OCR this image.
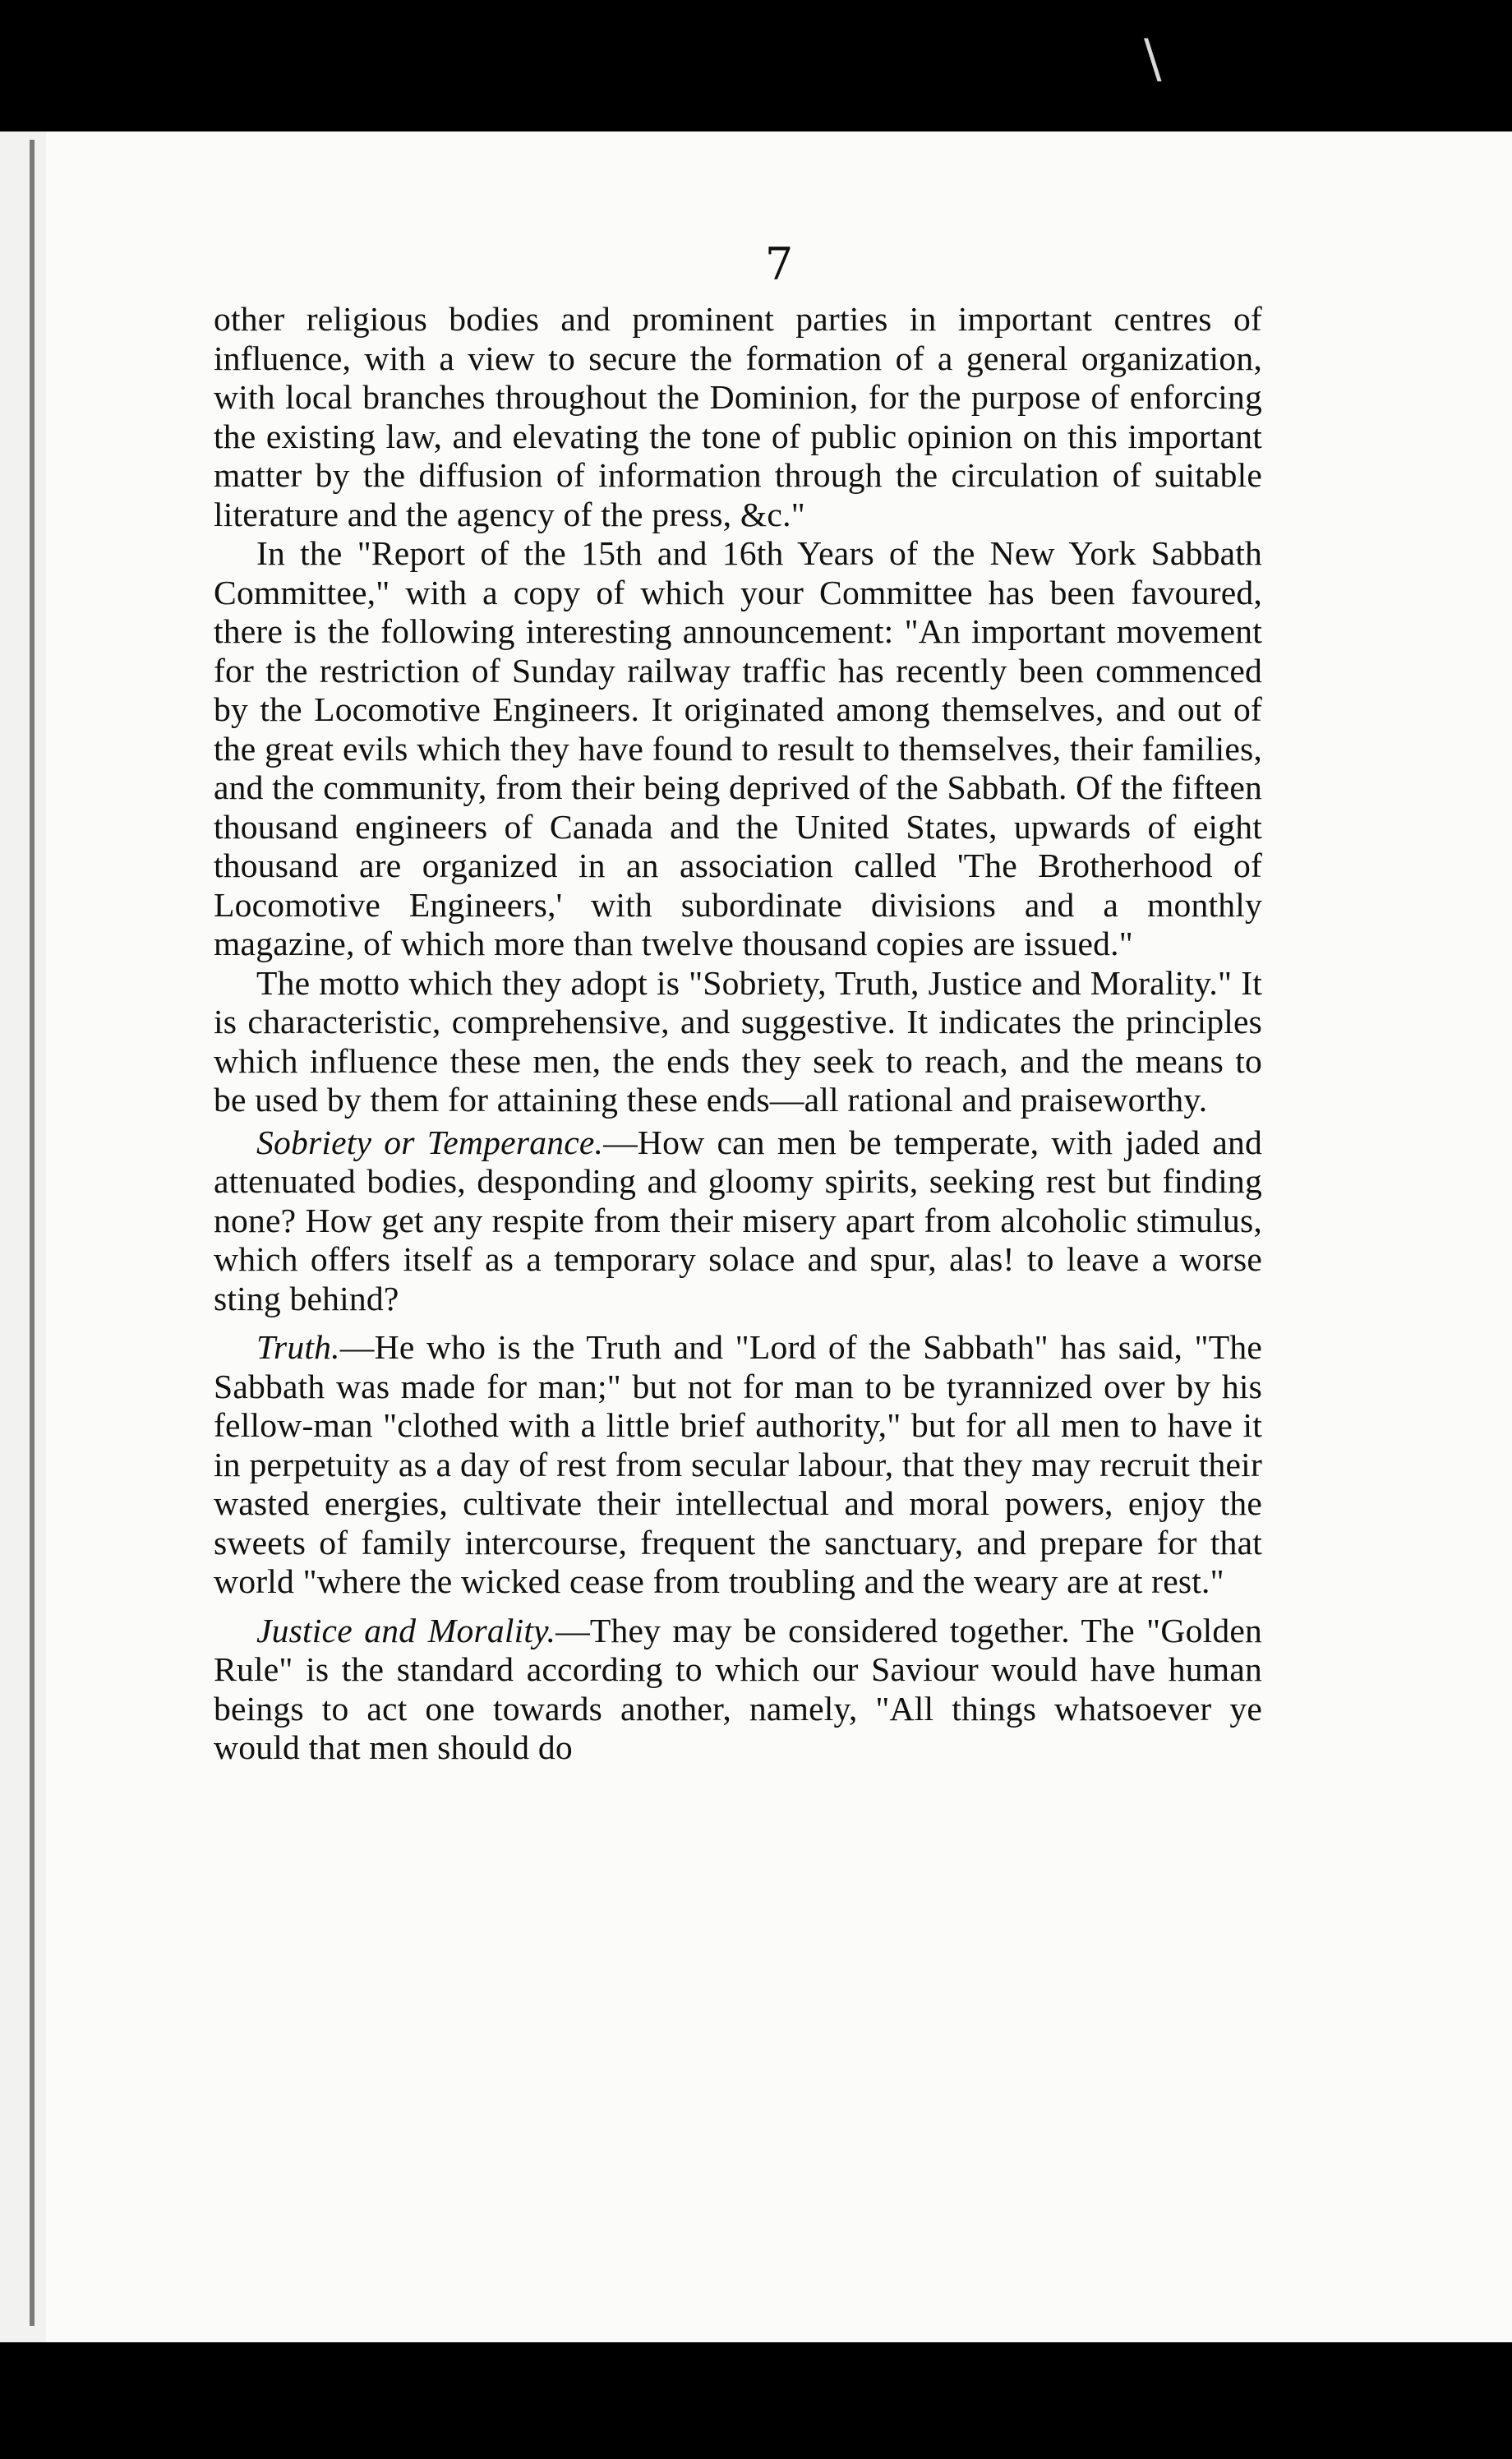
\
7

other religious bodies and prominent parties in important centres of influence, with a view to secure the formation of a general organization, with local branches throughout the Dominion, for the purpose of enforcing the existing law, and elevating the tone of public opinion on this important matter by the diffusion of information through the circulation of suitable literature and the agency of the press, &c."

In the "Report of the 15th and 16th Years of the New York Sabbath Committee," with a copy of which your Committee has been favoured, there is the following interesting announcement: "An important movement for the restriction of Sunday railway traffic has recently been commenced by the Locomotive Engineers. It originated among themselves, and out of the great evils which they have found to result to themselves, their families, and the community, from their being deprived of the Sabbath. Of the fifteen thousand engineers of Canada and the United States, upwards of eight thousand are organized in an association called 'The Brotherhood of Locomotive Engineers,' with subordinate divisions and a monthly magazine, of which more than twelve thousand copies are issued."

The motto which they adopt is "Sobriety, Truth, Justice and Morality." It is characteristic, comprehensive, and suggestive. It indicates the principles which influence these men, the ends they seek to reach, and the means to be used by them for attaining these ends—all rational and praiseworthy.

Sobriety or Temperance.—How can men be temperate, with jaded and attenuated bodies, desponding and gloomy spirits, seeking rest but finding none? How get any respite from their misery apart from alcoholic stimulus, which offers itself as a temporary solace and spur, alas! to leave a worse sting behind?

Truth.—He who is the Truth and "Lord of the Sabbath" has said, "The Sabbath was made for man;" but not for man to be tyrannized over by his fellow-man "clothed with a little brief authority," but for all men to have it in perpetuity as a day of rest from secular labour, that they may recruit their wasted energies, cultivate their intellectual and moral powers, enjoy the sweets of family intercourse, frequent the sanctuary, and prepare for that world "where the wicked cease from troubling and the weary are at rest."

Justice and Morality.—They may be considered together. The "Golden Rule" is the standard according to which our Saviour would have human beings to act one towards another, namely, "All things whatsoever ye would that men should do
